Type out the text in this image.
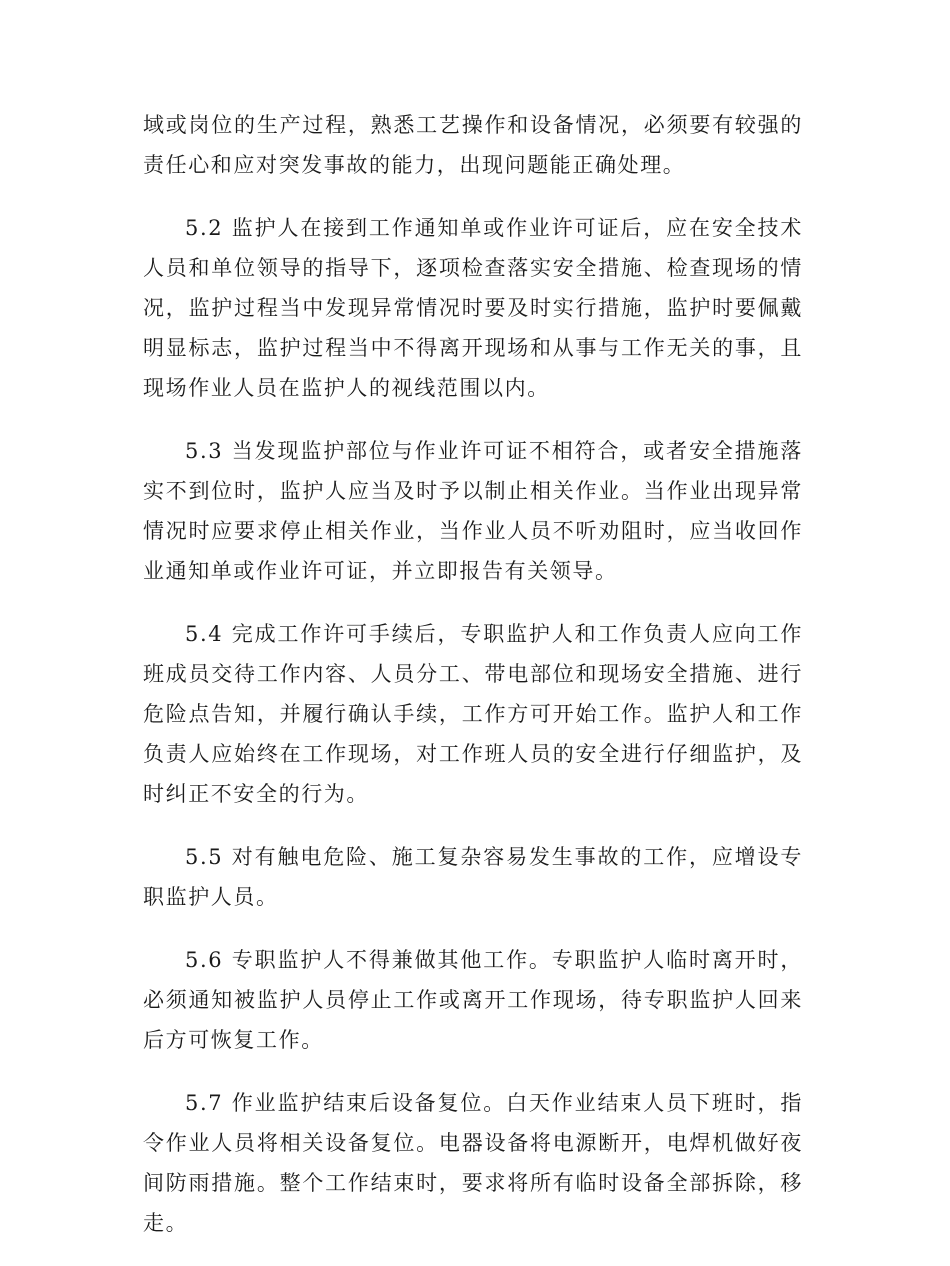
域或岗位的生产过程，熟悉工艺操作和设备情况，必须要有较强的责任心和应对突发事故的能力，出现问题能正确处理。

5.2 监护人在接到工作通知单或作业许可证后，应在安全技术人员和单位领导的指导下，逐项检查落实安全措施、检查现场的情况，监护过程当中发现异常情况时要及时实行措施，监护时要佩戴明显标志，监护过程当中不得离开现场和从事与工作无关的事，且现场作业人员在监护人的视线范围以内。

5.3 当发现监护部位与作业许可证不相符合，或者安全措施落实不到位时，监护人应当及时予以制止相关作业。当作业出现异常情况时应要求停止相关作业，当作业人员不听劝阻时，应当收回作业通知单或作业许可证，并立即报告有关领导。

5.4 完成工作许可手续后，专职监护人和工作负责人应向工作班成员交待工作内容、人员分工、带电部位和现场安全措施、进行危险点告知，并履行确认手续，工作方可开始工作。监护人和工作负责人应始终在工作现场，对工作班人员的安全进行仔细监护，及时纠正不安全的行为。

5.5 对有触电危险、施工复杂容易发生事故的工作，应增设专职监护人员。

5.6 专职监护人不得兼做其他工作。专职监护人临时离开时，必须通知被监护人员停止工作或离开工作现场，待专职监护人回来后方可恢复工作。

5.7 作业监护结束后设备复位。白天作业结束人员下班时，指令作业人员将相关设备复位。电器设备将电源断开，电焊机做好夜间防雨措施。整个工作结束时，要求将所有临时设备全部拆除，移走。
